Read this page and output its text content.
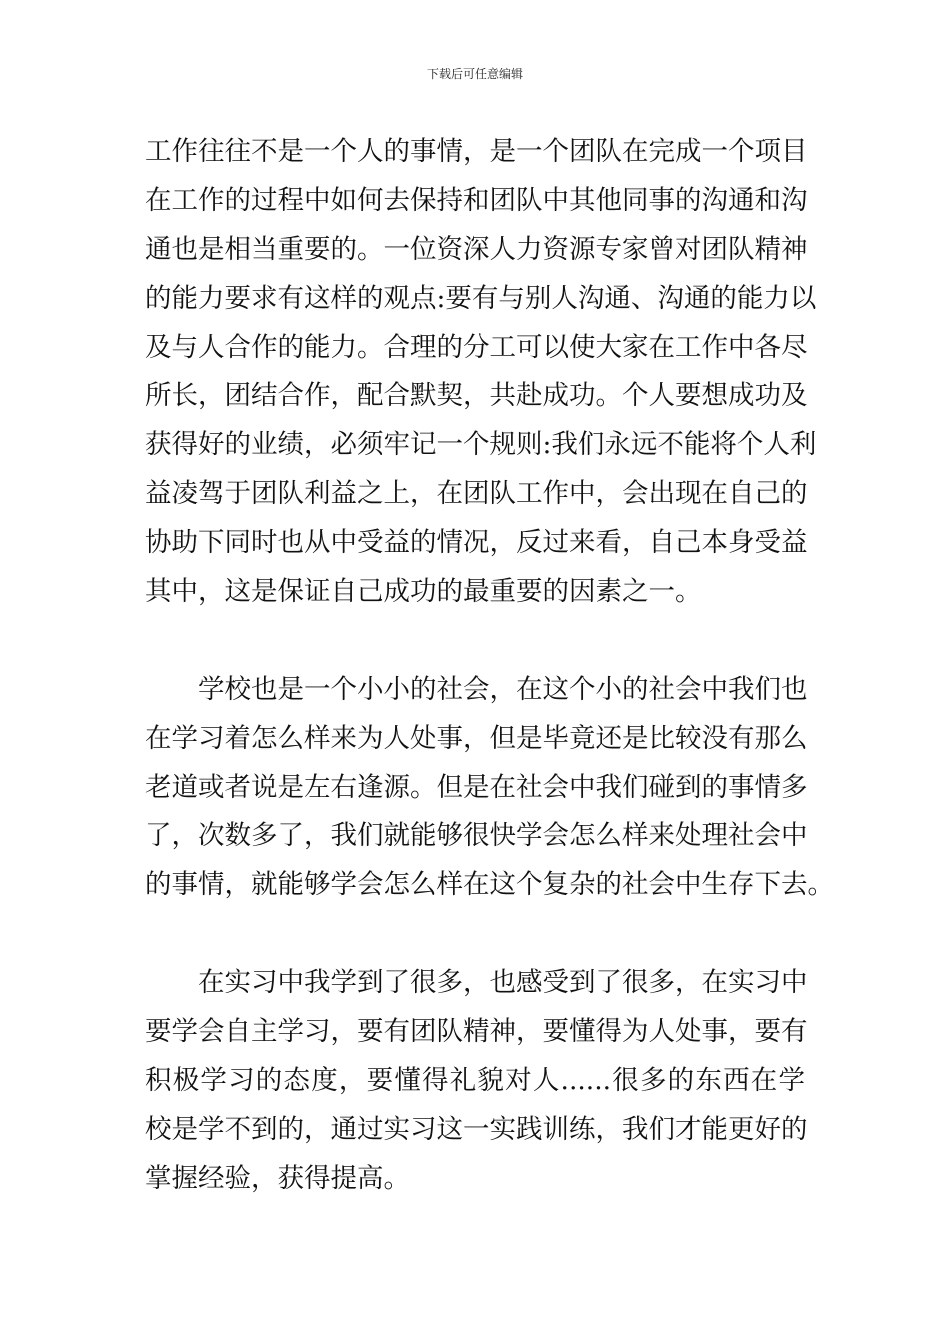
下载后可任意编辑
工作往往不是一个人的事情，是一个团队在完成一个项目
在工作的过程中如何去保持和团队中其他同事的沟通和沟
通也是相当重要的。一位资深人力资源专家曾对团队精神
的能力要求有这样的观点:要有与别人沟通、沟通的能力以
及与人合作的能力。合理的分工可以使大家在工作中各尽
所长，团结合作，配合默契，共赴成功。个人要想成功及
获得好的业绩，必须牢记一个规则:我们永远不能将个人利
益凌驾于团队利益之上，在团队工作中，会出现在自己的
协助下同时也从中受益的情况，反过来看，自己本身受益
其中，这是保证自己成功的最重要的因素之一。
学校也是一个小小的社会，在这个小的社会中我们也
在学习着怎么样来为人处事，但是毕竟还是比较没有那么
老道或者说是左右逢源。但是在社会中我们碰到的事情多
了，次数多了，我们就能够很快学会怎么样来处理社会中
的事情，就能够学会怎么样在这个复杂的社会中生存下去。
在实习中我学到了很多，也感受到了很多，在实习中
要学会自主学习，要有团队精神，要懂得为人处事，要有
积极学习的态度，要懂得礼貌对人......很多的东西在学
校是学不到的，通过实习这一实践训练，我们才能更好的
掌握经验，获得提高。
